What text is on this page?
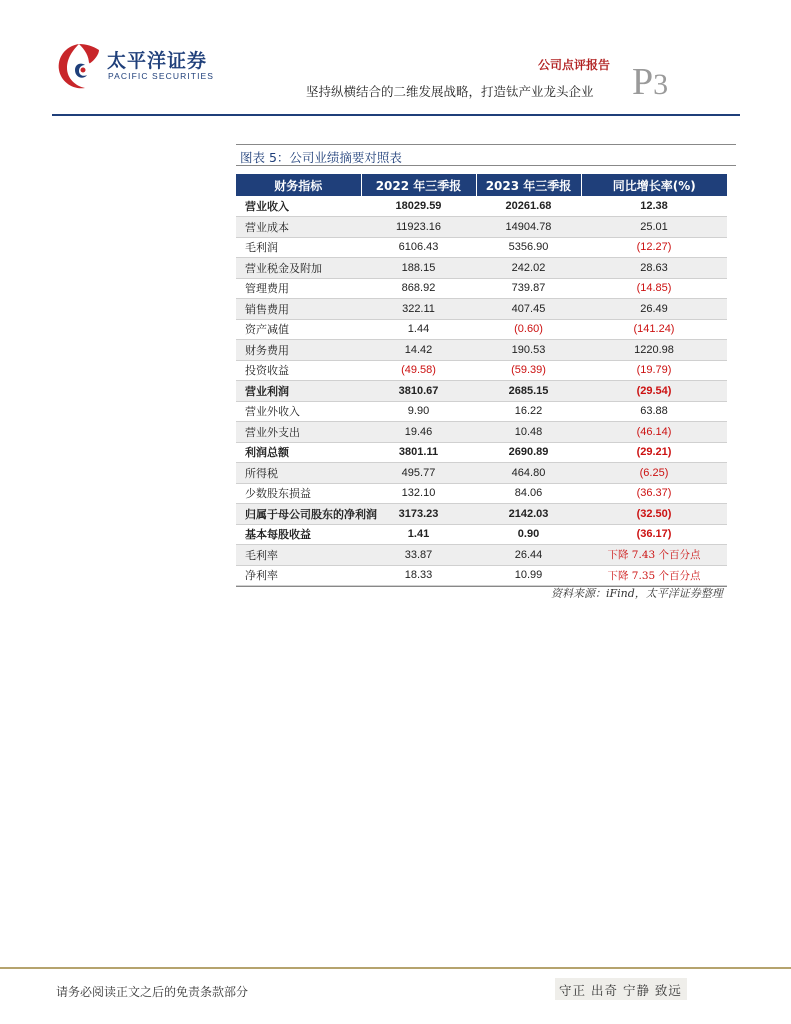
太平洋证券
PACIFIC SECURITIES
公司点评报告
坚持纵横结合的二维发展战略，打造钛产业龙头企业 P3
图表 5：公司业绩摘要对照表
财务指标	2022 年三季报	2023 年三季报	同比增长率(%)
营业收入	18029.59	20261.68	12.38
营业成本	11923.16	14904.78	25.01
毛利润	6106.43	5356.90	(12.27)
营业税金及附加	188.15	242.02	28.63
管理费用	868.92	739.87	(14.85)
销售费用	322.11	407.45	26.49
资产减值	1.44	(0.60)	(141.24)
财务费用	14.42	190.53	1220.98
投资收益	(49.58)	(59.39)	(19.79)
营业利润	3810.67	2685.15	(29.54)
营业外收入	9.90	16.22	63.88
营业外支出	19.46	10.48	(46.14)
利润总额	3801.11	2690.89	(29.21)
所得税	495.77	464.80	(6.25)
少数股东损益	132.10	84.06	(36.37)
归属于母公司股东的净利润	3173.23	2142.03	(32.50)
基本每股收益	1.41	0.90	(36.17)
毛利率	33.87	26.44	下降 7.43 个百分点
净利率	18.33	10.99	下降 7.35 个百分点
资料来源：iFind，太平洋证券整理
请务必阅读正文之后的免责条款部分	守正 出奇 宁静 致远
